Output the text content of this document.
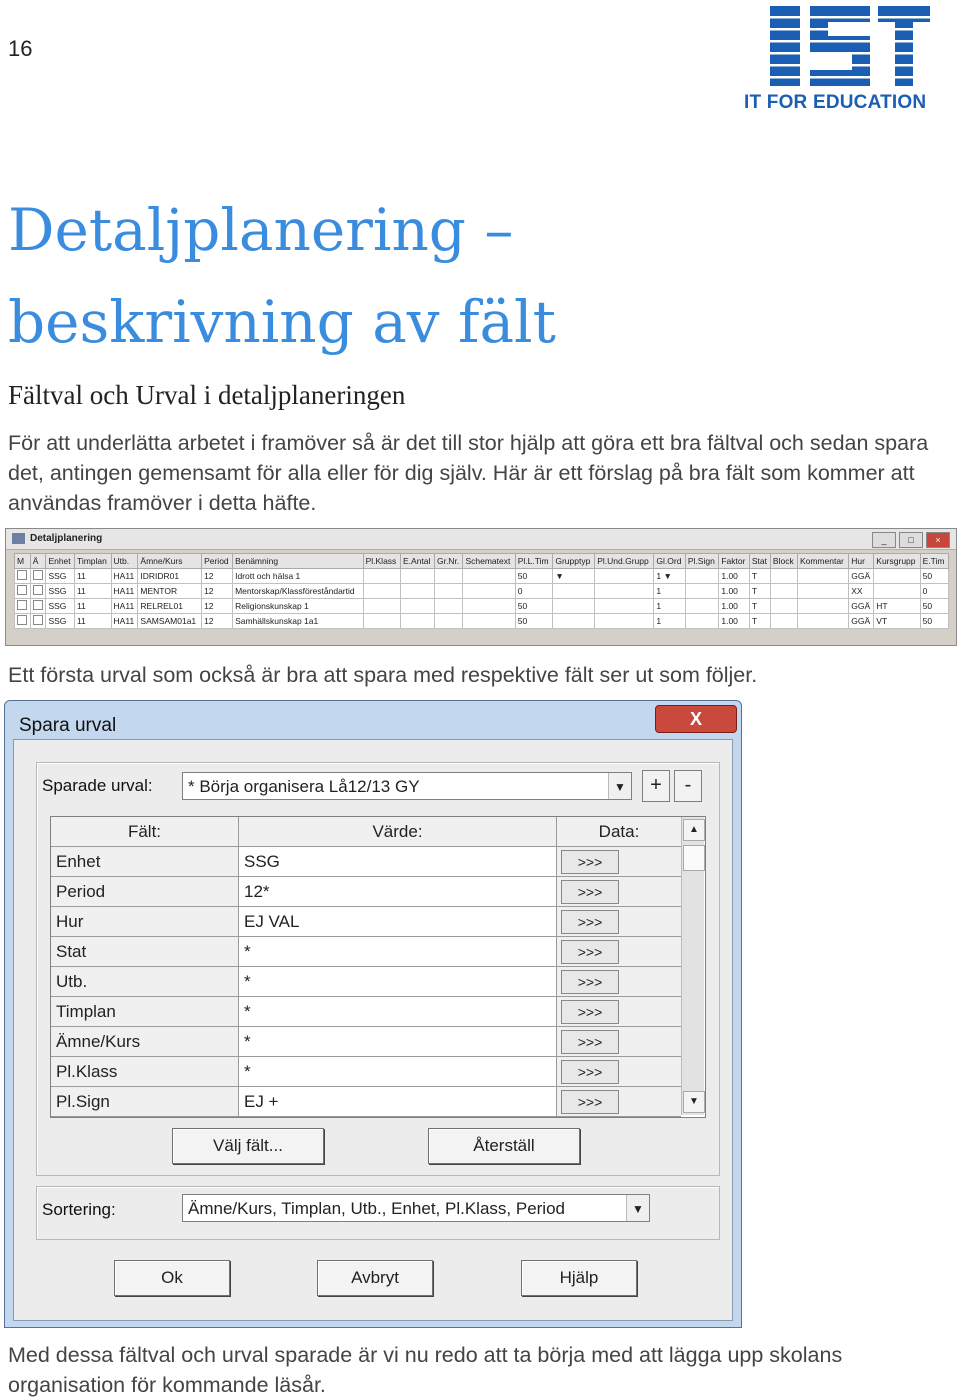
16
IT FOR EDUCATION
Detaljplanering –
beskrivning av fält
Fältval och Urval i detaljplaneringen
För att underlätta arbetet i framöver så är det till stor hjälp att göra ett bra fältval och sedan spara det, antingen gemensamt för alla eller för dig själv. Här är ett förslag på bra fält som kommer att användas framöver i detta häfte.
Detaljplanering	_	□	×
M	Ä	Enhet	Timplan	Utb.	Ämne/Kurs	Period	Benämning	Pl.Klass	E.Antal	Gr.Nr.	Schematext	Pl.L.Tim	Grupptyp	Pl.Und.Grupp	Gl.Ord	Pl.Sign	Faktor	Stat	Block	Kommentar	Hur	Kursgrupp	E.Tim
		SSG	11	HA11	IDRIDR01	12	Idrott och hälsa 1					50	▼		1 ▼		1.00	T			GGÄ		50
		SSG	11	HA11	MENTOR	12	Mentorskap/Klassföreståndartid					0			1		1.00	T			XX		0
		SSG	11	HA11	RELREL01	12	Religionskunskap 1					50			1		1.00	T			GGÄ	HT	50
		SSG	11	HA11	SAMSAM01a1	12	Samhällskunskap 1a1					50			1		1.00	T			GGÄ	VT	50
Ett första urval som också är bra att spara med respektive fält ser ut som följer.
Spara urval	X
Sparade urval:	* Börja organisera Lå12/13 GY	▼	+	-
Fält:	Värde:	Data:
Enhet	SSG	>>>
Period	12*	>>>
Hur	EJ VAL	>>>
Stat	*	>>>
Utb.	*	>>>
Timplan	*	>>>
Ämne/Kurs	*	>>>
Pl.Klass	*	>>>
Pl.Sign	EJ +	>>>
▲
▼
Välj fält...	Återställ
Sortering:	Ämne/Kurs, Timplan, Utb., Enhet, Pl.Klass, Period	▼
Ok	Avbryt	Hjälp
Med dessa fältval och urval sparade är vi nu redo att ta börja med att lägga upp skolans organisation för kommande läsår.
